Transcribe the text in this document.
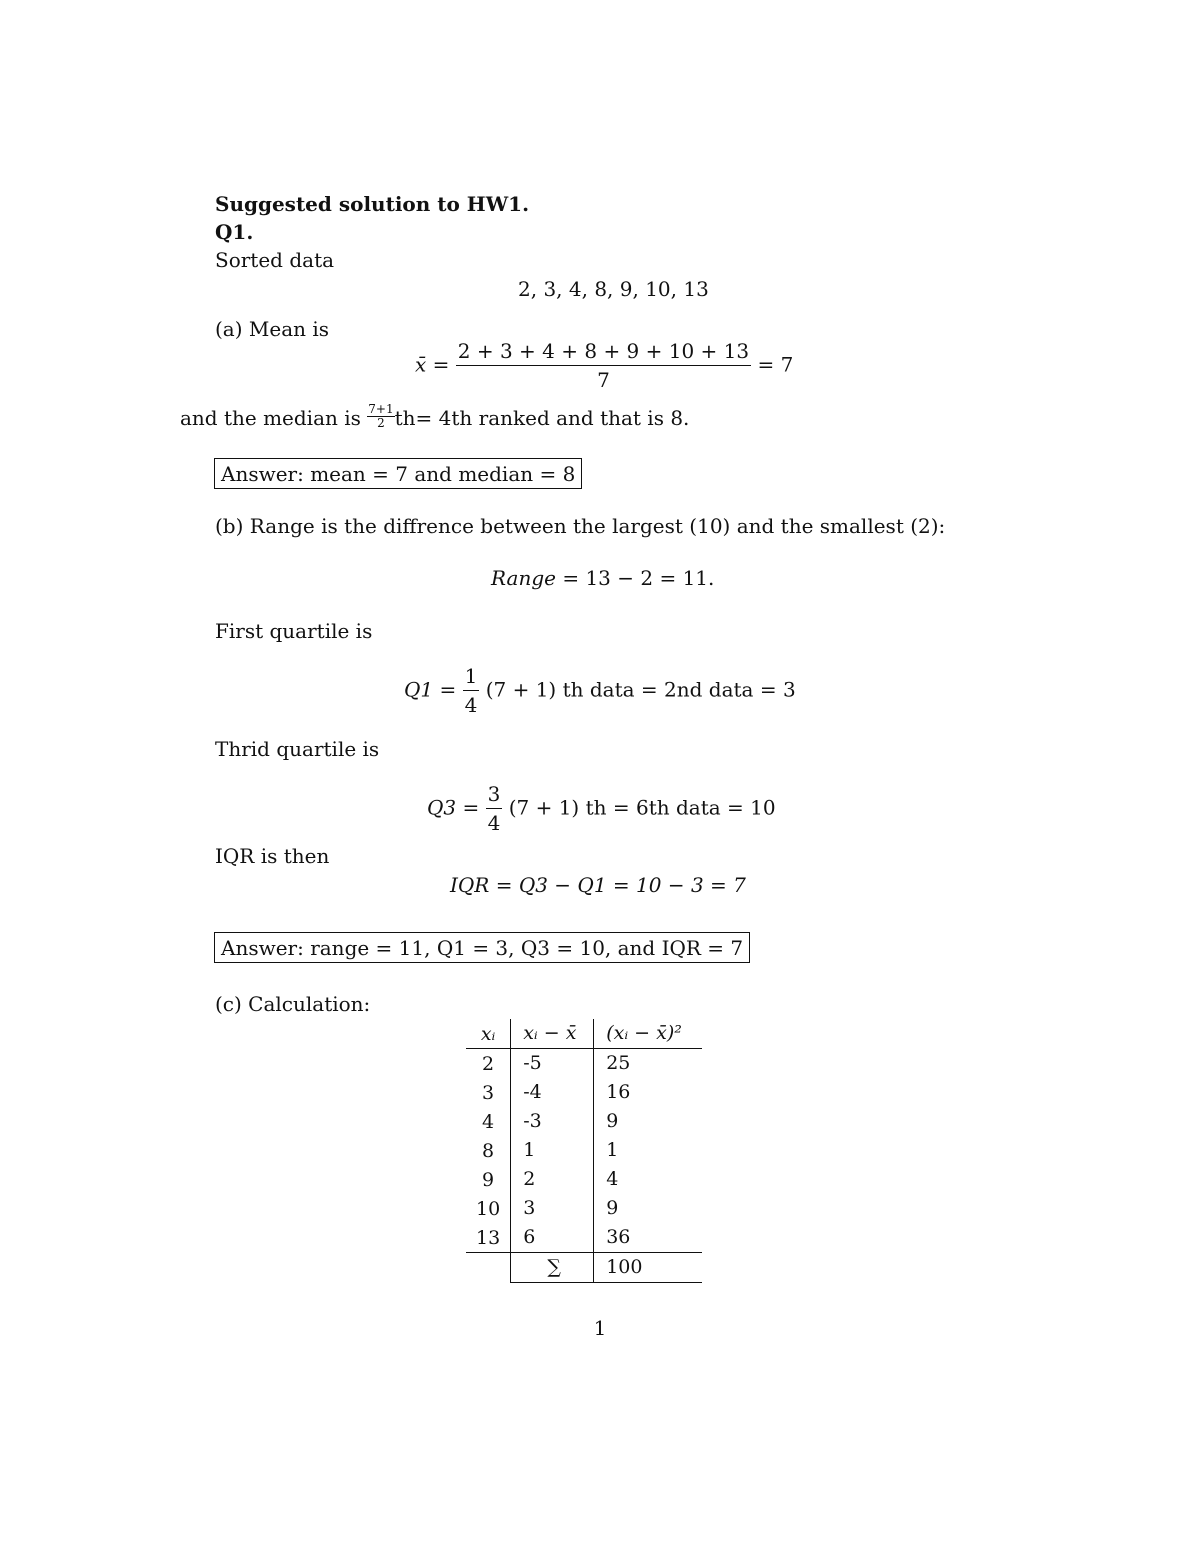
Suggested solution to HW1.
Q1.
Sorted data
2, 3, 4, 8, 9, 10, 13
(a) Mean is
x̄ = $\frac{2 + 3 + 4 + 8 + 9 + 10 + 13}{7} = 7$
and the median is $\frac{7+1}{2} th= 4th$ ranked and that is 8.
Answer: mean = 7 and median = 8
(b) Range is the diffrence between the largest (10) and the smallest (2):
Range = 13 − 2 = 11.
First quartile is
$Q1 = \frac{1}{4} (7 + 1)$ th data = 2nd data = 3
Thrid quartile is
$Q3 = \frac{3}{4} (7 + 1)$ th = 6th data = 10
IQR is then
IQR = Q3 − Q1 = 10 − 3 = 7
Answer: range = 11, Q1 = 3, Q3 = 10, and IQR = 7
(c) Calculation:
xᵢ	xᵢ − x̄	(xᵢ − x̄)²
2	-5	25
3	-4	16
4	-3	9
8	1	1
9	2	4
10	3	9
13	6	36
	∑	100
1
